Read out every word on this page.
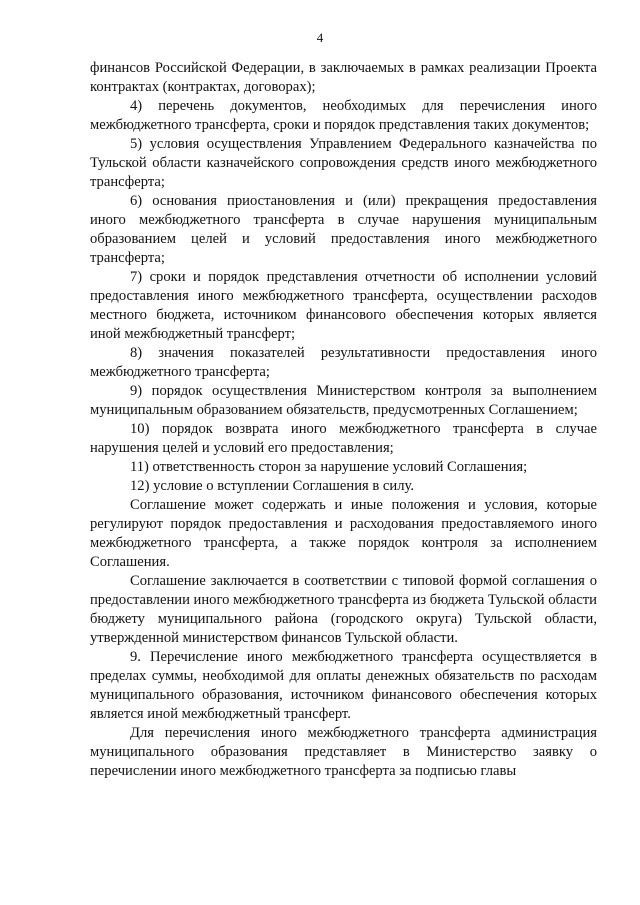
4

финансов Российской Федерации, в заключаемых в рамках реализации Проекта контрактах (контрактах, договорах);

4) перечень документов, необходимых для перечисления иного межбюджетного трансферта, сроки и порядок представления таких документов;

5) условия осуществления Управлением Федерального казначейства по Тульской области казначейского сопровождения средств иного межбюджетного трансферта;

6) основания приостановления и (или) прекращения предоставления иного межбюджетного трансферта в случае нарушения муниципальным образованием целей и условий предоставления иного межбюджетного трансферта;

7) сроки и порядок представления отчетности об исполнении условий предоставления иного межбюджетного трансферта, осуществлении расходов местного бюджета, источником финансового обеспечения которых является иной межбюджетный трансферт;

8) значения показателей результативности предоставления иного межбюджетного трансферта;

9) порядок осуществления Министерством контроля за выполнением муниципальным образованием обязательств, предусмотренных Соглашением;

10) порядок возврата иного межбюджетного трансферта в случае нарушения целей и условий его предоставления;

11) ответственность сторон за нарушение условий Соглашения;

12) условие о вступлении Соглашения в силу.

Соглашение может содержать и иные положения и условия, которые регулируют порядок предоставления и расходования предоставляемого иного межбюджетного трансферта, а также порядок контроля за исполнением Соглашения.

Соглашение заключается в соответствии с типовой формой соглашения о предоставлении иного межбюджетного трансферта из бюджета Тульской области бюджету муниципального района (городского округа) Тульской области, утвержденной министерством финансов Тульской области.

9. Перечисление иного межбюджетного трансферта осуществляется в пределах суммы, необходимой для оплаты денежных обязательств по расходам муниципального образования, источником финансового обеспечения которых является иной межбюджетный трансферт.

Для перечисления иного межбюджетного трансферта администрация муниципального образования представляет в Министерство заявку о перечислении иного межбюджетного трансферта за подписью главы
